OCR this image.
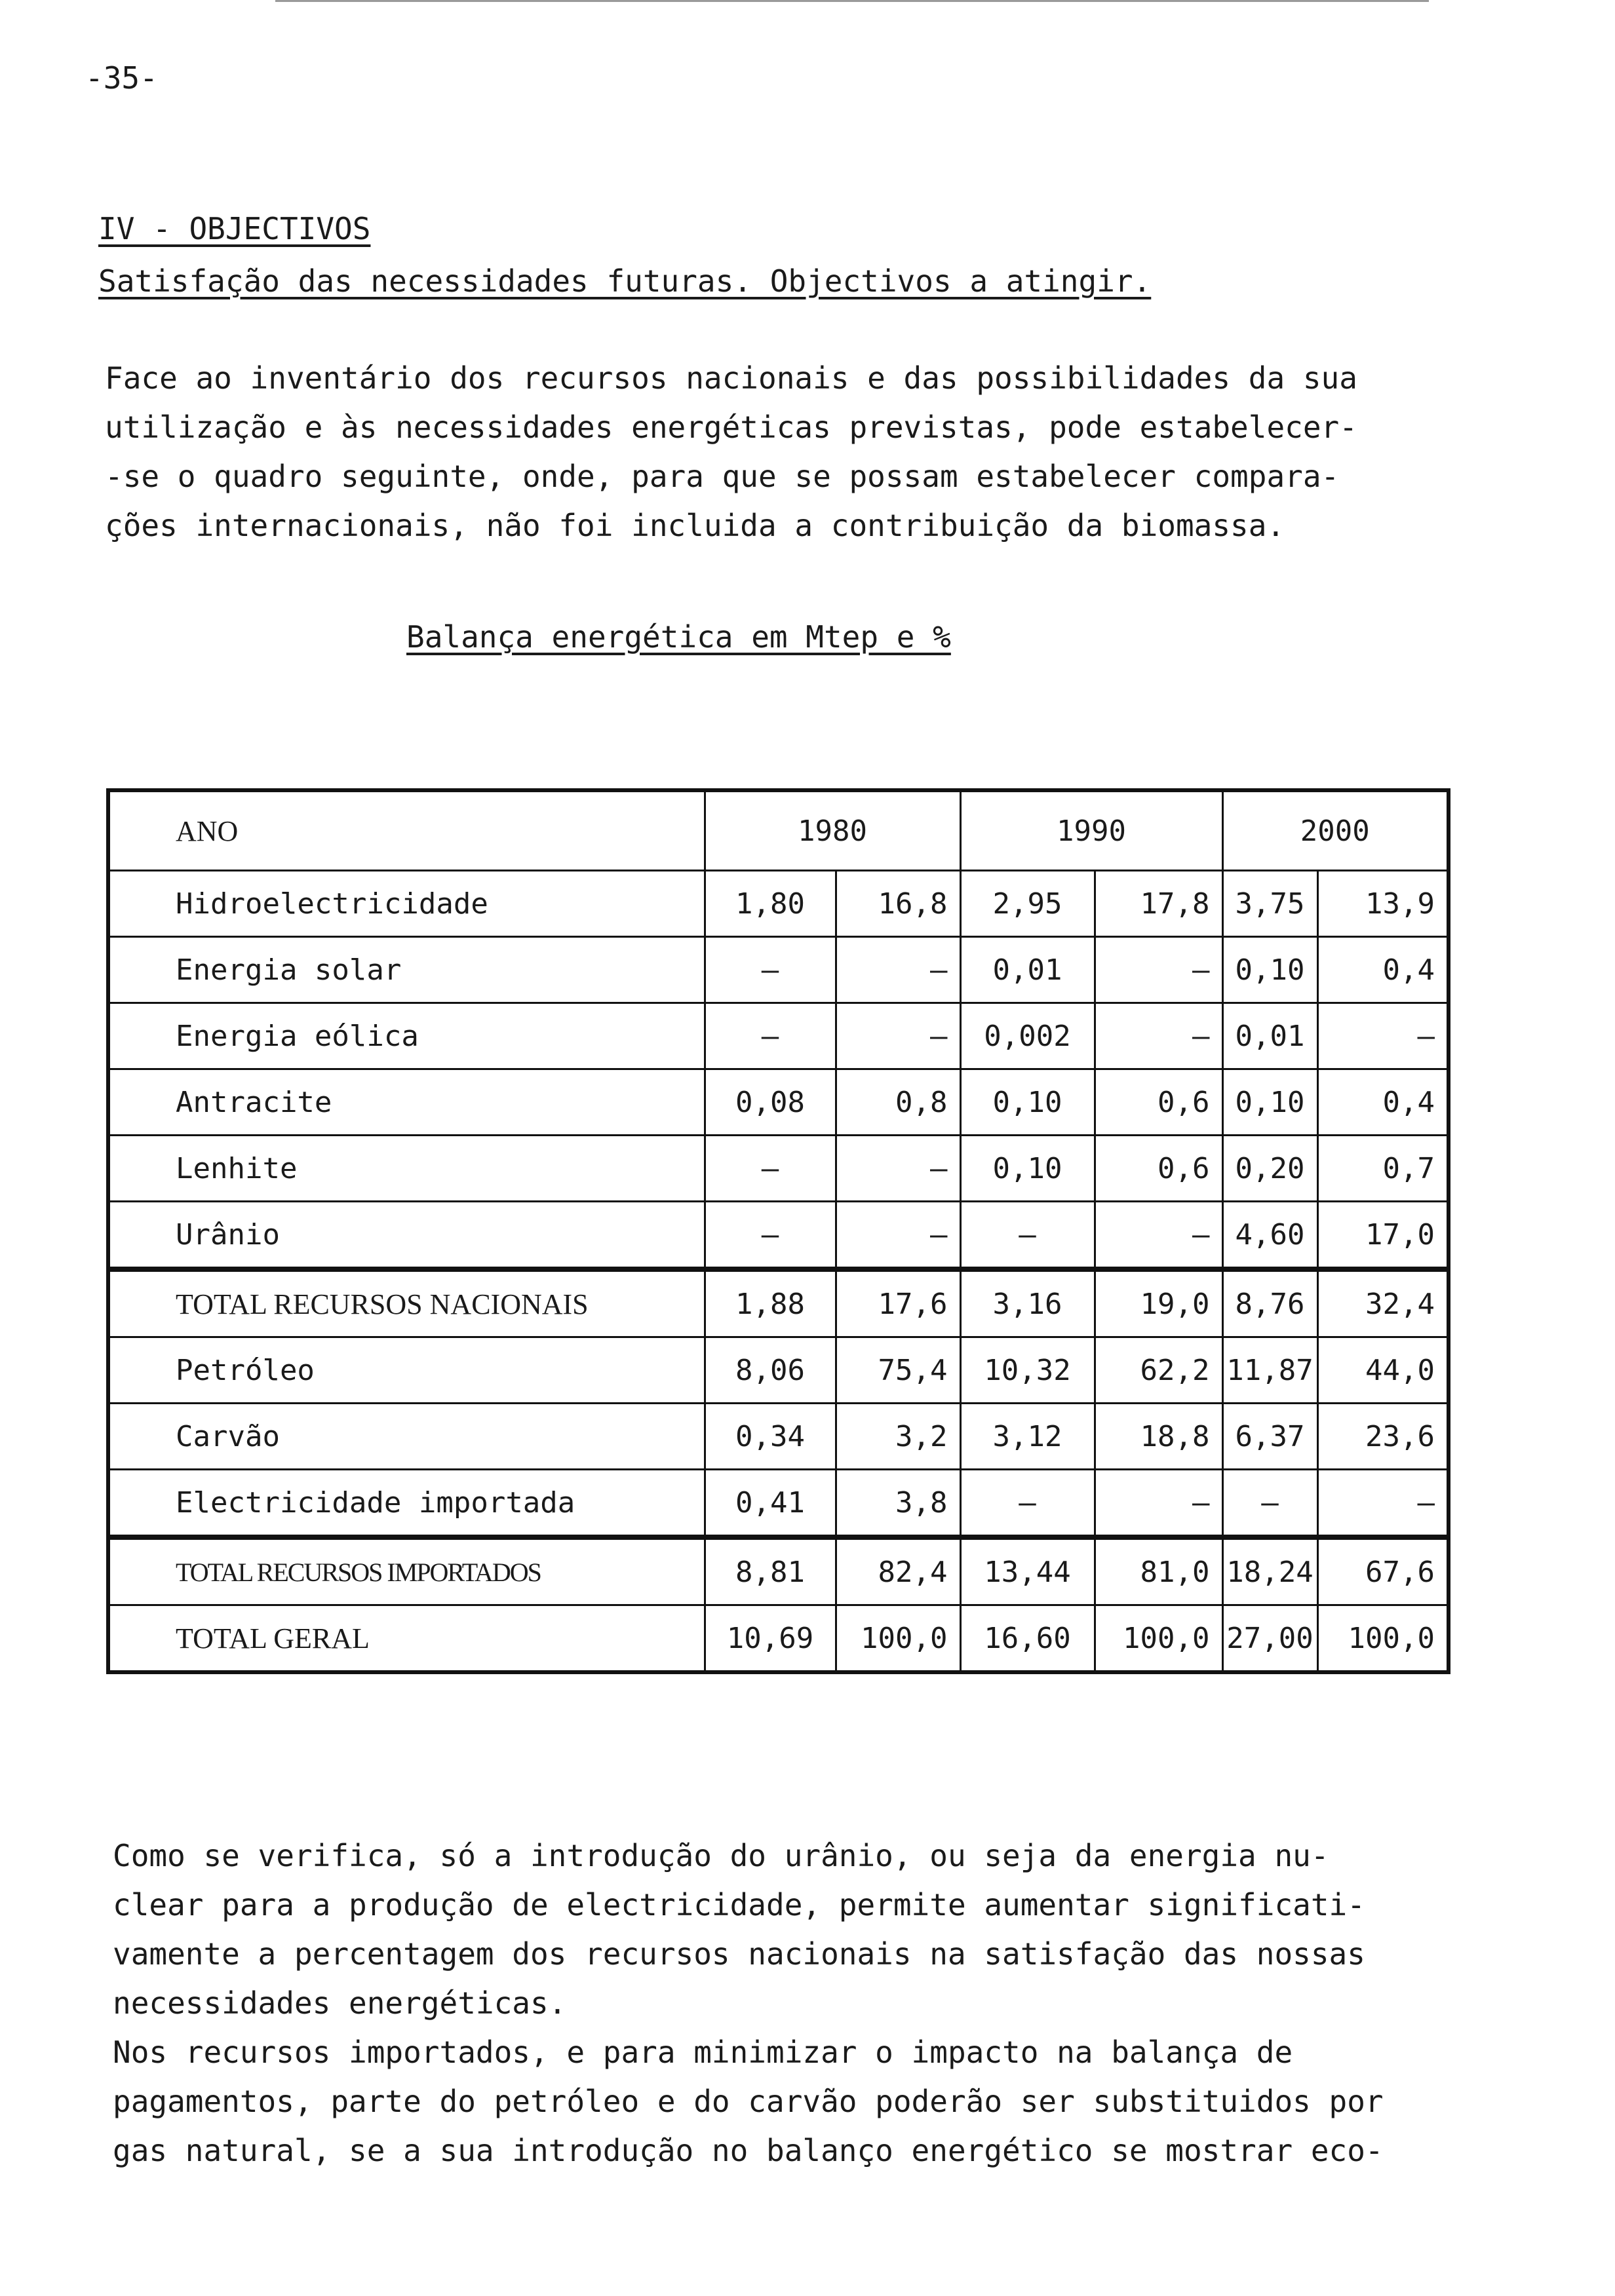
-35-
IV - OBJECTIVOS
Satisfação das necessidades futuras. Objectivos a atingir.
Face ao inventário dos recursos nacionais e das possibilidades da sua
utilização e às necessidades energéticas previstas, pode estabelecer-
-se o quadro seguinte, onde, para que se possam estabelecer compara-
ções internacionais, não foi incluida a contribuição da biomassa.
Balança energética em Mtep e %
ANO	1980		1990		2000	
Hidroelectricidade	1,80	16,8	2,95	17,8	3,75	13,9
Energia solar	—	—	0,01	—	0,10	0,4
Energia eólica	—	—	0,002	—	0,01	—
Antracite	0,08	0,8	0,10	0,6	0,10	0,4
Lenhite	—	—	0,10	0,6	0,20	0,7
Urânio	—	—	—	—	4,60	17,0
TOTAL RECURSOS NACIONAIS	1,88	17,6	3,16	19,0	8,76	32,4
Petróleo	8,06	75,4	10,32	62,2	11,87	44,0
Carvão	0,34	3,2	3,12	18,8	6,37	23,6
Electricidade importada	0,41	3,8	—	—	—	—
TOTAL RECURSOS IMPORTADOS	8,81	82,4	13,44	81,0	18,24	67,6
TOTAL GERAL	10,69	100,0	16,60	100,0	27,00	100,0
Como se verifica, só a introdução do urânio, ou seja da energia nu-
clear para a produção de electricidade, permite aumentar significati-
vamente a percentagem dos recursos nacionais na satisfação das nossas
necessidades energéticas.
Nos recursos importados, e para minimizar o impacto na balança de
pagamentos, parte do petróleo e do carvão poderão ser substituidos por
gas natural, se a sua introdução no balanço energético se mostrar eco-
